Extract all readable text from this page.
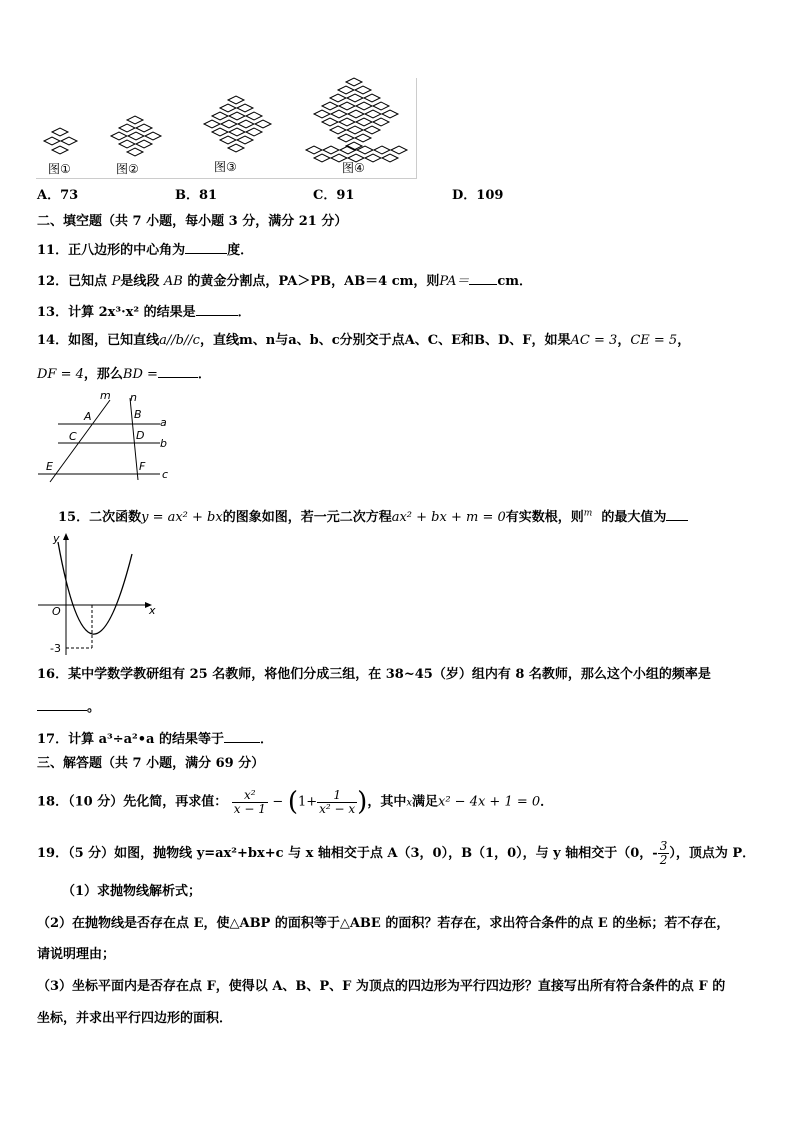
图①	图②	图③	图④
A．73	B．81	C．91	D．109
二、填空题（共 7 小题，每小题 3 分，满分 21 分）
11．正八边形的中心角为	度．
12．已知点 P是线段 AB 的黄金分割点，PA＞PB，AB＝4 cm，则PA＝ cm．
13．计算 2x³·x² 的结果是	．
14．如图，已知直线a//b//c，直线m、n与a、b、c分别交于点A、C、E和B、D、F，如果AC = 3，CE = 5，
DF = 4，那么BD =	．
m n
A	B
C	D
E	F
a
b
c
15．二次函数y = ax² + bx的图象如图，若一元二次方程ax² + bx + m = 0有实数根，则$^m$ 的最大值为
y
x
O
-3
16．某中学数学教研组有 25 名教师，将他们分成三组，在 38~45（岁）组内有 8 名教师，那么这个小组的频率是
。
17．计算 a³÷a²•a 的结果等于	．
三、解答题（共 7 小题，满分 69 分）
18．（10 分）先化简，再求值： $\frac{\text{x²}}{x - 1} - (1+ \frac{1}{\text{x² − x}}$ )，其中x满足x² − 4x + 1 = 0．
19．（5 分）如图，抛物线 y=ax²+bx+c 与 x 轴相交于点 A（3，0），B（1，0），与 y 轴相交于（0，- $\frac{3}{2}$ ），顶点为 P．
（1）求抛物线解析式；
（2）在抛物线是否存在点 E，使△ABP 的面积等于△ABE 的面积？若存在，求出符合条件的点 E 的坐标；若不存在，
请说明理由；
（3）坐标平面内是否存在点 F，使得以 A、B、P、F 为顶点的四边形为平行四边形？直接写出所有符合条件的点 F 的
坐标，并求出平行四边形的面积．
